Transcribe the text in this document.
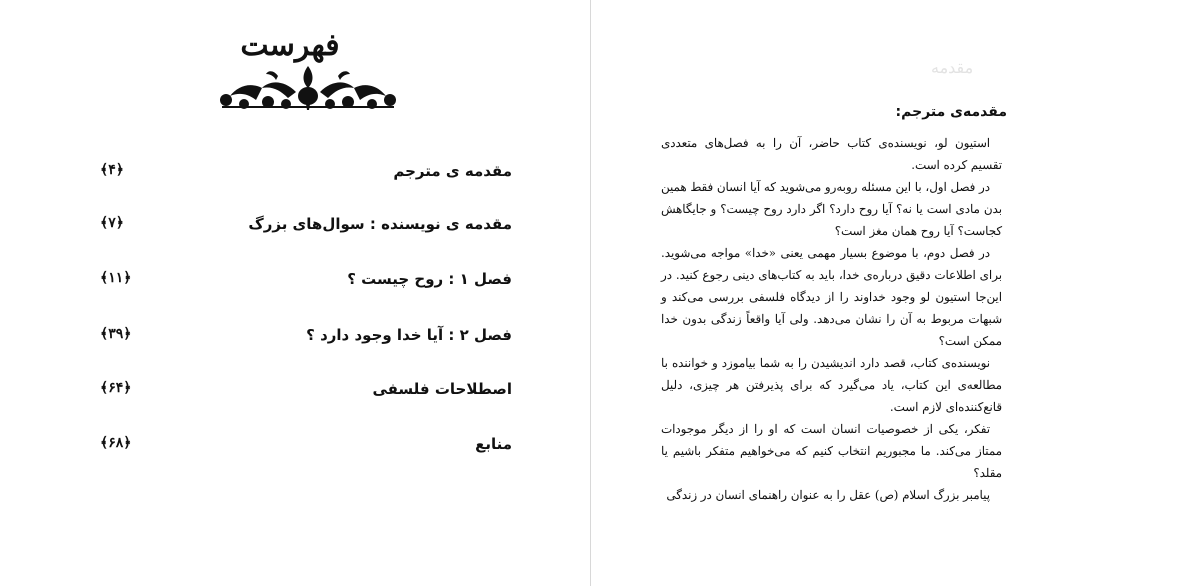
فهرست
مقدمه ی مترجم
﴿۴﴾
مقدمه ی نویسنده : سوال‌های بزرگ
﴿۷﴾
فصل ۱ : روح چیست ؟
﴿۱۱﴾
فصل ۲ : آیا خدا وجود دارد ؟
﴿۳۹﴾
اصطلاحات فلسفی
﴿۶۴﴾
منابع
﴿۶۸﴾
مقدمه
مقدمه‌ی مترجم:

استیون لو، نویسنده‌ی کتاب حاضر، آن را به فصل‌های متعددی تقسیم کرده است.

در فصل اول، با این مسئله روبه‌رو می‌شوید که آیا انسان فقط همین بدن مادی است یا نه؟ آیا روح دارد؟ اگر دارد روح چیست؟ و جایگاهش کجاست؟ آیا روح همان مغز است؟

در فصل دوم، با موضوع بسیار مهمی یعنی «خدا» مواجه می‌شوید. برای اطلاعات دقیق درباره‌ی خدا، باید به کتاب‌های دینی رجوع کنید. در این‌جا استیون لو وجود خداوند را از دیدگاه فلسفی بررسی می‌کند و شبهات مربوط به آن را نشان می‌دهد. ولی آیا واقعاً زندگی بدون خدا ممکن است؟

نویسنده‌ی کتاب، قصد دارد اندیشیدن را به شما بیاموزد و خواننده با مطالعه‌ی این کتاب، یاد می‌گیرد که برای پذیرفتن هر چیزی، دلیل قانع‌کننده‌ای لازم است.

تفکر، یکی از خصوصیات انسان است که او را از دیگر موجودات ممتاز می‌کند. ما مجبوریم انتخاب کنیم که می‌خواهیم متفکر باشیم یا مقلد؟

پیامبر بزرگ اسلام (ص) عقل را به عنوان راهنمای انسان در زندگی
